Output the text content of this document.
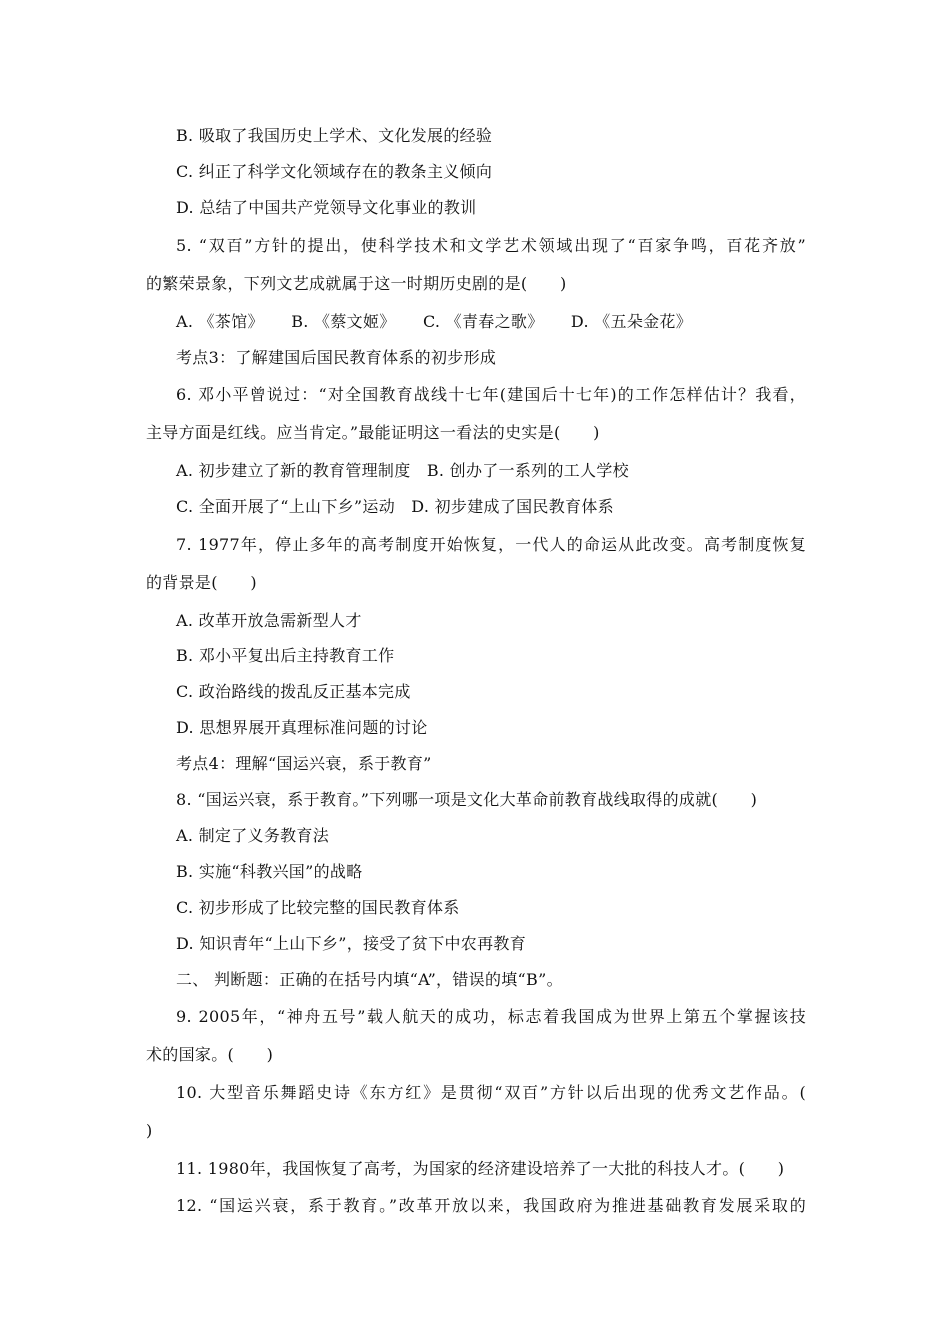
B. 吸取了我国历史上学术、文化发展的经验
C. 纠正了科学文化领域存在的教条主义倾向
D. 总结了中国共产党领导文化事业的教训
5. “双百”方针的提出，使科学技术和文学艺术领域出现了“百家争鸣，百花齐放”
的繁荣景象，下列文艺成就属于这一时期历史剧的是(　　)
A. 《茶馆》 B. 《蔡文姬》 C. 《青春之歌》 D. 《五朵金花》
考点3：了解建国后国民教育体系的初步形成
6. 邓小平曾说过：“对全国教育战线十七年(建国后十七年)的工作怎样估计？我看，
主导方面是红线。应当肯定。”最能证明这一看法的史实是(　　)
A. 初步建立了新的教育管理制度　B. 创办了一系列的工人学校
C. 全面开展了“上山下乡”运动　D. 初步建成了国民教育体系
7. 1977年，停止多年的高考制度开始恢复，一代人的命运从此改变。高考制度恢复
的背景是(　　)
A. 改革开放急需新型人才
B. 邓小平复出后主持教育工作
C. 政治路线的拨乱反正基本完成
D. 思想界展开真理标准问题的讨论
考点4：理解“国运兴衰，系于教育”
8. “国运兴衰，系于教育。”下列哪一项是文化大革命前教育战线取得的成就(　　)
A. 制定了义务教育法
B. 实施“科教兴国”的战略
C. 初步形成了比较完整的国民教育体系
D. 知识青年“上山下乡”，接受了贫下中农再教育
二、 判断题：正确的在括号内填“A”，错误的填“B”。
9. 2005年，“神舟五号”载人航天的成功，标志着我国成为世界上第五个掌握该技
术的国家。(　　)
10. 大型音乐舞蹈史诗《东方红》是贯彻“双百”方针以后出现的优秀文艺作品。(
)
11. 1980年，我国恢复了高考，为国家的经济建设培养了一大批的科技人才。(　　)
12. “国运兴衰，系于教育。”改革开放以来，我国政府为推进基础教育发展采取的
